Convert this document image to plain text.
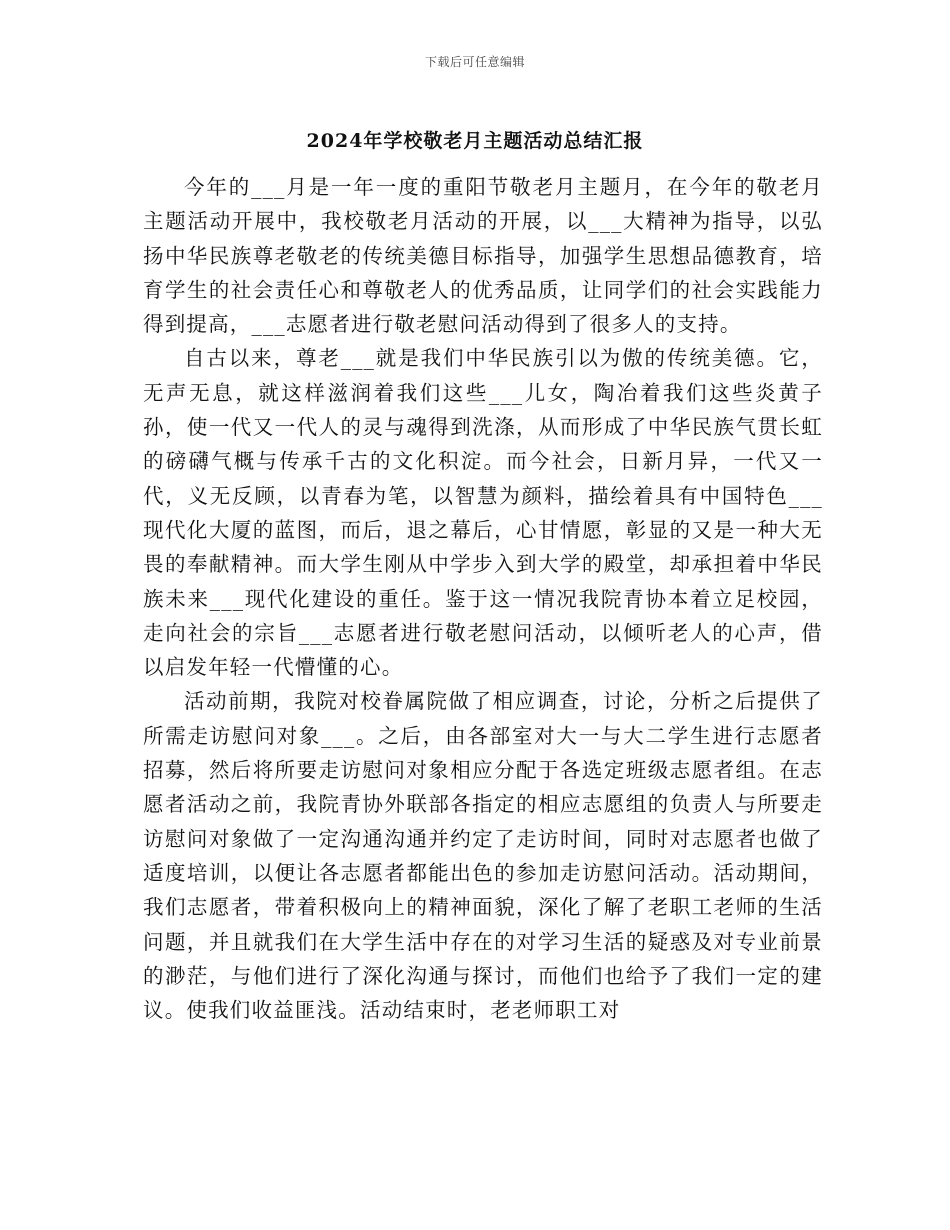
下载后可任意编辑
2024年学校敬老月主题活动总结汇报

今年的___月是一年一度的重阳节敬老月主题月，在今年的敬老月主题活动开展中，我校敬老月活动的开展，以___大精神为指导，以弘扬中华民族尊老敬老的传统美德目标指导，加强学生思想品德教育，培育学生的社会责任心和尊敬老人的优秀品质，让同学们的社会实践能力得到提高，___志愿者进行敬老慰问活动得到了很多人的支持。

自古以来，尊老___就是我们中华民族引以为傲的传统美德。它，无声无息，就这样滋润着我们这些___儿女，陶冶着我们这些炎黄子孙，使一代又一代人的灵与魂得到洗涤，从而形成了中华民族气贯长虹的磅礴气概与传承千古的文化积淀。而今社会，日新月异，一代又一代，义无反顾，以青春为笔，以智慧为颜料，描绘着具有中国特色___现代化大厦的蓝图，而后，退之幕后，心甘情愿，彰显的又是一种大无畏的奉献精神。而大学生刚从中学步入到大学的殿堂，却承担着中华民族未来___现代化建设的重任。鉴于这一情况我院青协本着立足校园，走向社会的宗旨___志愿者进行敬老慰问活动，以倾听老人的心声，借以启发年轻一代懵懂的心。

活动前期，我院对校眷属院做了相应调查，讨论，分析之后提供了所需走访慰问对象___。之后，由各部室对大一与大二学生进行志愿者招募，然后将所要走访慰问对象相应分配于各选定班级志愿者组。在志愿者活动之前，我院青协外联部各指定的相应志愿组的负责人与所要走访慰问对象做了一定沟通沟通并约定了走访时间，同时对志愿者也做了适度培训，以便让各志愿者都能出色的参加走访慰问活动。活动期间，我们志愿者，带着积极向上的精神面貌，深化了解了老职工老师的生活问题，并且就我们在大学生活中存在的对学习生活的疑惑及对专业前景的渺茫，与他们进行了深化沟通与探讨，而他们也给予了我们一定的建议。使我们收益匪浅。活动结束时，老老师职工对
